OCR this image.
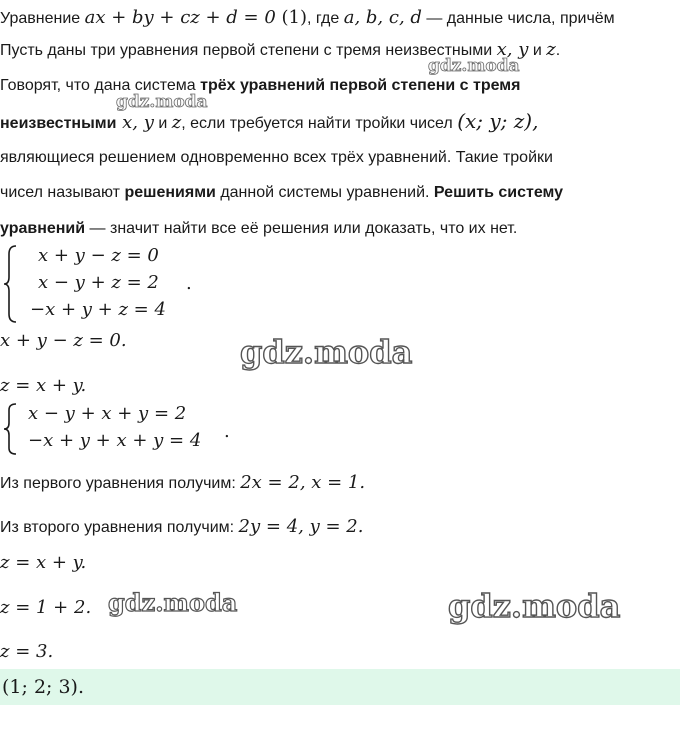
Уравнение ax + by + cz + d = 0 (1), где a, b, c, d — данные числа, причём
Пусть даны три уравнения первой степени с тремя неизвестными x, y и z.
Говорят, что дана система трёх уравнений первой степени с тремя
неизвестными x, y и z, если требуется найти тройки чисел (x; y; z),
являющиеся решением одновременно всех трёх уравнений. Такие тройки
чисел называют решениями данной системы уравнений. Решить систему
уравнений — значит найти все её решения или доказать, что их нет.
x + y − z = 0
x − y + z = 2
−x + y + z = 4
.
x + y − z = 0.
z = x + y.
x − y + x + y = 2
−x + y + x + y = 4 .
Из первого уравнения получим: 2x = 2, x = 1.
Из второго уравнения получим: 2y = 4, y = 2.
z = x + y.
z = 1 + 2.
z = 3.
(1; 2; 3).
gdz.moda
gdz.moda
gdz.moda
gdz.moda	gdz.moda
